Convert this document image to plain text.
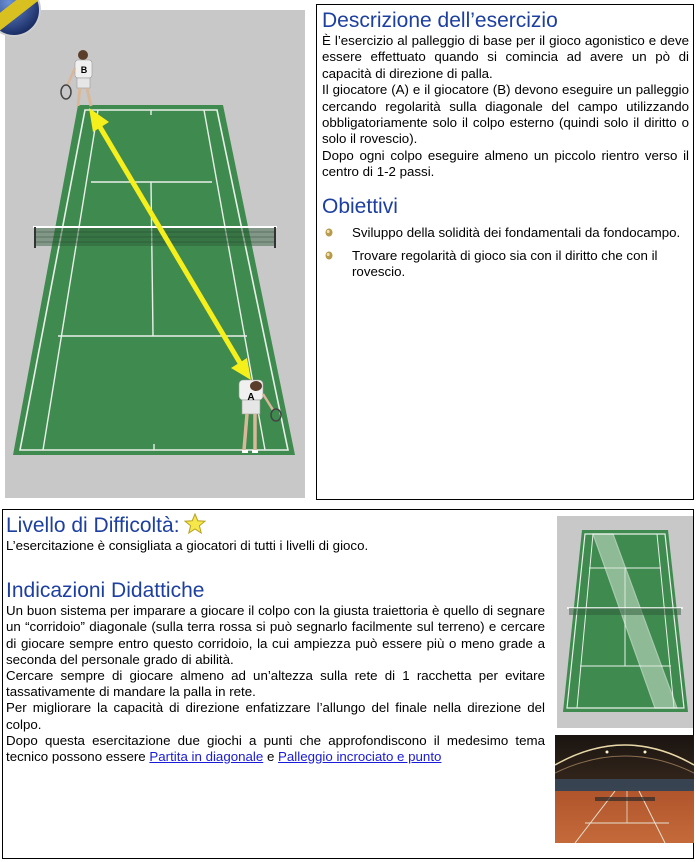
B
A
Descrizione dell’esercizio

È l’esercizio al palleggio di base per il gioco agonistico e deve essere effettuato quando si comincia ad avere un pò di capacità di direzione di palla.

Il giocatore (A) e il giocatore (B) devono eseguire un palleggio cercando regolarità sulla diagonale del campo utilizzando obbligatoriamente solo il colpo esterno (quindi solo il diritto o solo il rovescio).

Dopo ogni colpo eseguire almeno un piccolo rientro verso il centro di 1-2 passi.

Obiettivi
Sviluppo della solidità dei fondamentali da fondocampo.
Trovare regolarità di gioco sia con il diritto che con il rovescio.
Livello di Difficoltà:

L’esercitazione è consigliata a giocatori di tutti i livelli di gioco.

Indicazioni Didattiche

Un buon sistema per imparare a giocare il colpo con la giusta traiettoria è quello di segnare un “corridoio” diagonale (sulla terra rossa si può segnarlo facilmente sul terreno) e cercare di giocare sempre entro questo corridoio, la cui ampiezza può essere più o meno grade a seconda del personale grado di abilità.

Cercare sempre di giocare almeno ad un’altezza sulla rete di 1 racchetta per evitare tassativamente di mandare la palla in rete.

Per migliorare la capacità di direzione enfatizzare l’allungo del finale nella direzione del colpo.

Dopo questa esercitazione due giochi a punti che approfondiscono il medesimo tema tecnico possono essere Partita in diagonale e Palleggio incrociato e punto
